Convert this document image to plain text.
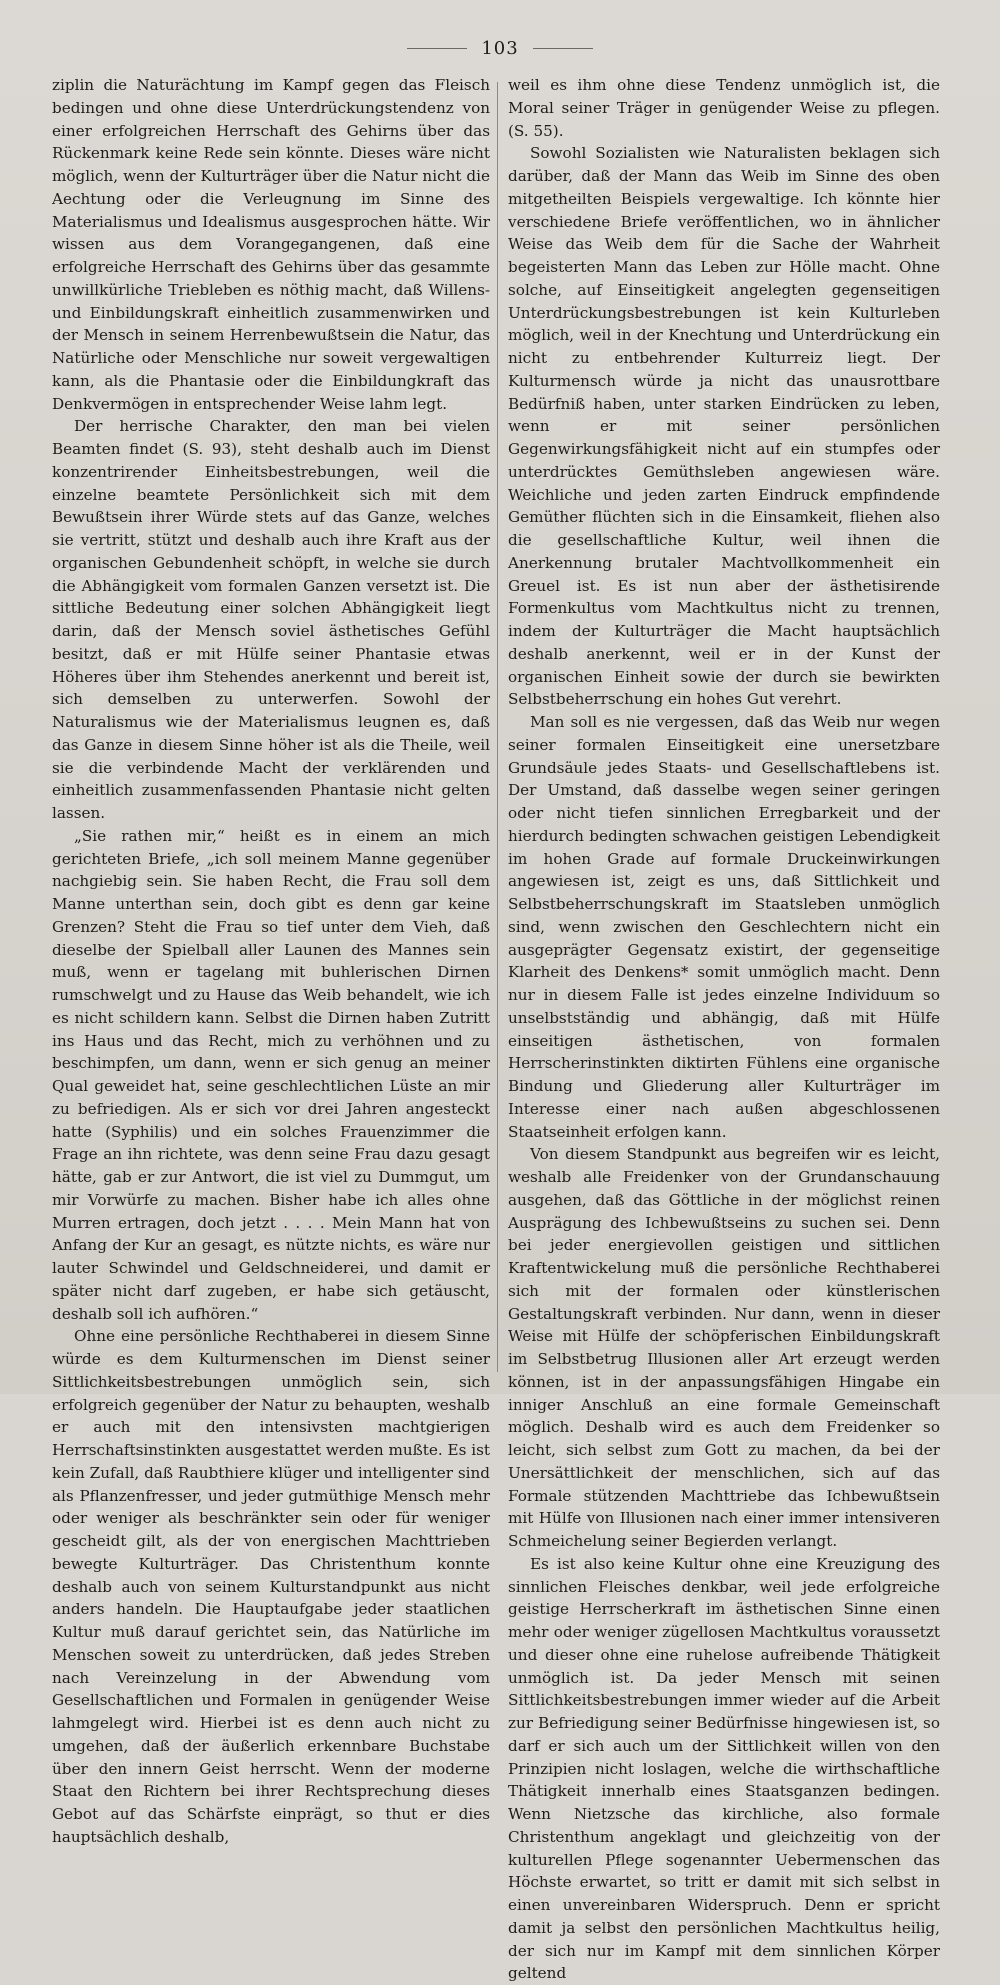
103

ziplin die Naturächtung im Kampf gegen das Fleisch bedingen und ohne diese Unterdrückungstendenz von einer erfolgreichen Herrschaft des Gehirns über das Rückenmark keine Rede sein könnte. Dieses wäre nicht möglich, wenn der Kulturträger über die Natur nicht die Aechtung oder die Verleugnung im Sinne des Materialismus und Idealismus ausgesprochen hätte. Wir wissen aus dem Vorangegangenen, daß eine erfolgreiche Herrschaft des Gehirns über das gesammte unwillkürliche Triebleben es nöthig macht, daß Willens- und Einbildungskraft einheitlich zusammenwirken und der Mensch in seinem Herrenbewußtsein die Natur, das Natürliche oder Menschliche nur soweit vergewaltigen kann, als die Phantasie oder die Einbildungkraft das Denkvermögen in entsprechender Weise lahm legt.

Der herrische Charakter, den man bei vielen Beamten findet (S. 93), steht deshalb auch im Dienst konzentrirender Einheitsbestrebungen, weil die einzelne beamtete Persönlichkeit sich mit dem Bewußtsein ihrer Würde stets auf das Ganze, welches sie vertritt, stützt und deshalb auch ihre Kraft aus der organischen Gebundenheit schöpft, in welche sie durch die Abhängigkeit vom formalen Ganzen versetzt ist. Die sittliche Bedeutung einer solchen Abhängigkeit liegt darin, daß der Mensch soviel ästhetisches Gefühl besitzt, daß er mit Hülfe seiner Phantasie etwas Höheres über ihm Stehendes anerkennt und bereit ist, sich demselben zu unterwerfen. Sowohl der Naturalismus wie der Materialismus leugnen es, daß das Ganze in diesem Sinne höher ist als die Theile, weil sie die verbindende Macht der verklärenden und einheitlich zusammenfassenden Phantasie nicht gelten lassen.

„Sie rathen mir,“ heißt es in einem an mich gerichteten Briefe, „ich soll meinem Manne gegenüber nachgiebig sein. Sie haben Recht, die Frau soll dem Manne unterthan sein, doch gibt es denn gar keine Grenzen? Steht die Frau so tief unter dem Vieh, daß dieselbe der Spielball aller Launen des Mannes sein muß, wenn er tagelang mit buhlerischen Dirnen rumschwelgt und zu Hause das Weib behandelt, wie ich es nicht schildern kann. Selbst die Dirnen haben Zutritt ins Haus und das Recht, mich zu verhöhnen und zu beschimpfen, um dann, wenn er sich genug an meiner Qual geweidet hat, seine geschlechtlichen Lüste an mir zu befriedigen. Als er sich vor drei Jahren angesteckt hatte (Syphilis) und ein solches Frauenzimmer die Frage an ihn richtete, was denn seine Frau dazu gesagt hätte, gab er zur Antwort, die ist viel zu Dummgut, um mir Vorwürfe zu machen. Bisher habe ich alles ohne Murren ertragen, doch jetzt . . . . Mein Mann hat von Anfang der Kur an gesagt, es nützte nichts, es wäre nur lauter Schwindel und Geldschneiderei, und damit er später nicht darf zugeben, er habe sich getäuscht, deshalb soll ich aufhören.“

Ohne eine persönliche Rechthaberei in diesem Sinne würde es dem Kulturmenschen im Dienst seiner Sittlichkeitsbestrebungen unmöglich sein, sich erfolgreich gegenüber der Natur zu behaupten, weshalb er auch mit den intensivsten machtgierigen Herrschaftsinstinkten ausgestattet werden mußte. Es ist kein Zufall, daß Raubthiere klüger und intelligenter sind als Pflanzenfresser, und jeder gutmüthige Mensch mehr oder weniger als beschränkter sein oder für weniger gescheidt gilt, als der von energischen Machttrieben bewegte Kulturträger. Das Christenthum konnte deshalb auch von seinem Kulturstandpunkt aus nicht anders handeln. Die Hauptaufgabe jeder staatlichen Kultur muß darauf gerichtet sein, das Natürliche im Menschen soweit zu unterdrücken, daß jedes Streben nach Vereinzelung in der Abwendung vom Gesellschaftlichen und Formalen in genügender Weise lahmgelegt wird. Hierbei ist es denn auch nicht zu umgehen, daß der äußerlich erkennbare Buchstabe über den innern Geist herrscht. Wenn der moderne Staat den Richtern bei ihrer Rechtsprechung dieses Gebot auf das Schärfste einprägt, so thut er dies hauptsächlich deshalb,

weil es ihm ohne diese Tendenz unmöglich ist, die Moral seiner Träger in genügender Weise zu pflegen. (S. 55).

Sowohl Sozialisten wie Naturalisten beklagen sich darüber, daß der Mann das Weib im Sinne des oben mitgetheilten Beispiels vergewaltige. Ich könnte hier verschiedene Briefe veröffentlichen, wo in ähnlicher Weise das Weib dem für die Sache der Wahrheit begeisterten Mann das Leben zur Hölle macht. Ohne solche, auf Einseitigkeit angelegten gegenseitigen Unterdrückungsbestrebungen ist kein Kulturleben möglich, weil in der Knechtung und Unterdrückung ein nicht zu entbehrender Kulturreiz liegt. Der Kulturmensch würde ja nicht das unausrottbare Bedürfniß haben, unter starken Eindrücken zu leben, wenn er mit seiner persönlichen Gegenwirkungsfähigkeit nicht auf ein stumpfes oder unterdrücktes Gemüthsleben angewiesen wäre. Weichliche und jeden zarten Eindruck empfindende Gemüther flüchten sich in die Einsamkeit, fliehen also die gesellschaftliche Kultur, weil ihnen die Anerkennung brutaler Machtvollkommenheit ein Greuel ist. Es ist nun aber der ästhetisirende Formenkultus vom Machtkultus nicht zu trennen, indem der Kulturträger die Macht hauptsächlich deshalb anerkennt, weil er in der Kunst der organischen Einheit sowie der durch sie bewirkten Selbstbeherrschung ein hohes Gut verehrt.

Man soll es nie vergessen, daß das Weib nur wegen seiner formalen Einseitigkeit eine unersetzbare Grundsäule jedes Staats- und Gesellschaftlebens ist. Der Umstand, daß dasselbe wegen seiner geringen oder nicht tiefen sinnlichen Erregbarkeit und der hierdurch bedingten schwachen geistigen Lebendigkeit im hohen Grade auf formale Druckeinwirkungen angewiesen ist, zeigt es uns, daß Sittlichkeit und Selbstbeherrschungskraft im Staatsleben unmöglich sind, wenn zwischen den Geschlechtern nicht ein ausgeprägter Gegensatz existirt, der gegenseitige Klarheit des Denkens* somit unmöglich macht. Denn nur in diesem Falle ist jedes einzelne Individuum so unselbstständig und abhängig, daß mit Hülfe einseitigen ästhetischen, von formalen Herrscherinstinkten diktirten Fühlens eine organische Bindung und Gliederung aller Kulturträger im Interesse einer nach außen abgeschlossenen Staatseinheit erfolgen kann.

Von diesem Standpunkt aus begreifen wir es leicht, weshalb alle Freidenker von der Grundanschauung ausgehen, daß das Göttliche in der möglichst reinen Ausprägung des Ichbewußtseins zu suchen sei. Denn bei jeder energievollen geistigen und sittlichen Kraftentwickelung muß die persönliche Rechthaberei sich mit der formalen oder künstlerischen Gestaltungskraft verbinden. Nur dann, wenn in dieser Weise mit Hülfe der schöpferischen Einbildungskraft im Selbstbetrug Illusionen aller Art erzeugt werden können, ist in der anpassungsfähigen Hingabe ein inniger Anschluß an eine formale Gemeinschaft möglich. Deshalb wird es auch dem Freidenker so leicht, sich selbst zum Gott zu machen, da bei der Unersättlichkeit der menschlichen, sich auf das Formale stützenden Machttriebe das Ichbewußtsein mit Hülfe von Illusionen nach einer immer intensiveren Schmeichelung seiner Begierden verlangt.

Es ist also keine Kultur ohne eine Kreuzigung des sinnlichen Fleisches denkbar, weil jede erfolgreiche geistige Herrscherkraft im ästhetischen Sinne einen mehr oder weniger zügellosen Machtkultus voraussetzt und dieser ohne eine ruhelose aufreibende Thätigkeit unmöglich ist. Da jeder Mensch mit seinen Sittlichkeitsbestrebungen immer wieder auf die Arbeit zur Befriedigung seiner Bedürfnisse hingewiesen ist, so darf er sich auch um der Sittlichkeit willen von den Prinzipien nicht loslagen, welche die wirthschaftliche Thätigkeit innerhalb eines Staatsganzen bedingen. Wenn Nietzsche das kirchliche, also formale Christenthum angeklagt und gleichzeitig von der kulturellen Pflege sogenannter Uebermenschen das Höchste erwartet, so tritt er damit mit sich selbst in einen unvereinbaren Widerspruch. Denn er spricht damit ja selbst den persönlichen Machtkultus heilig, der sich nur im Kampf mit dem sinnlichen Körper geltend
